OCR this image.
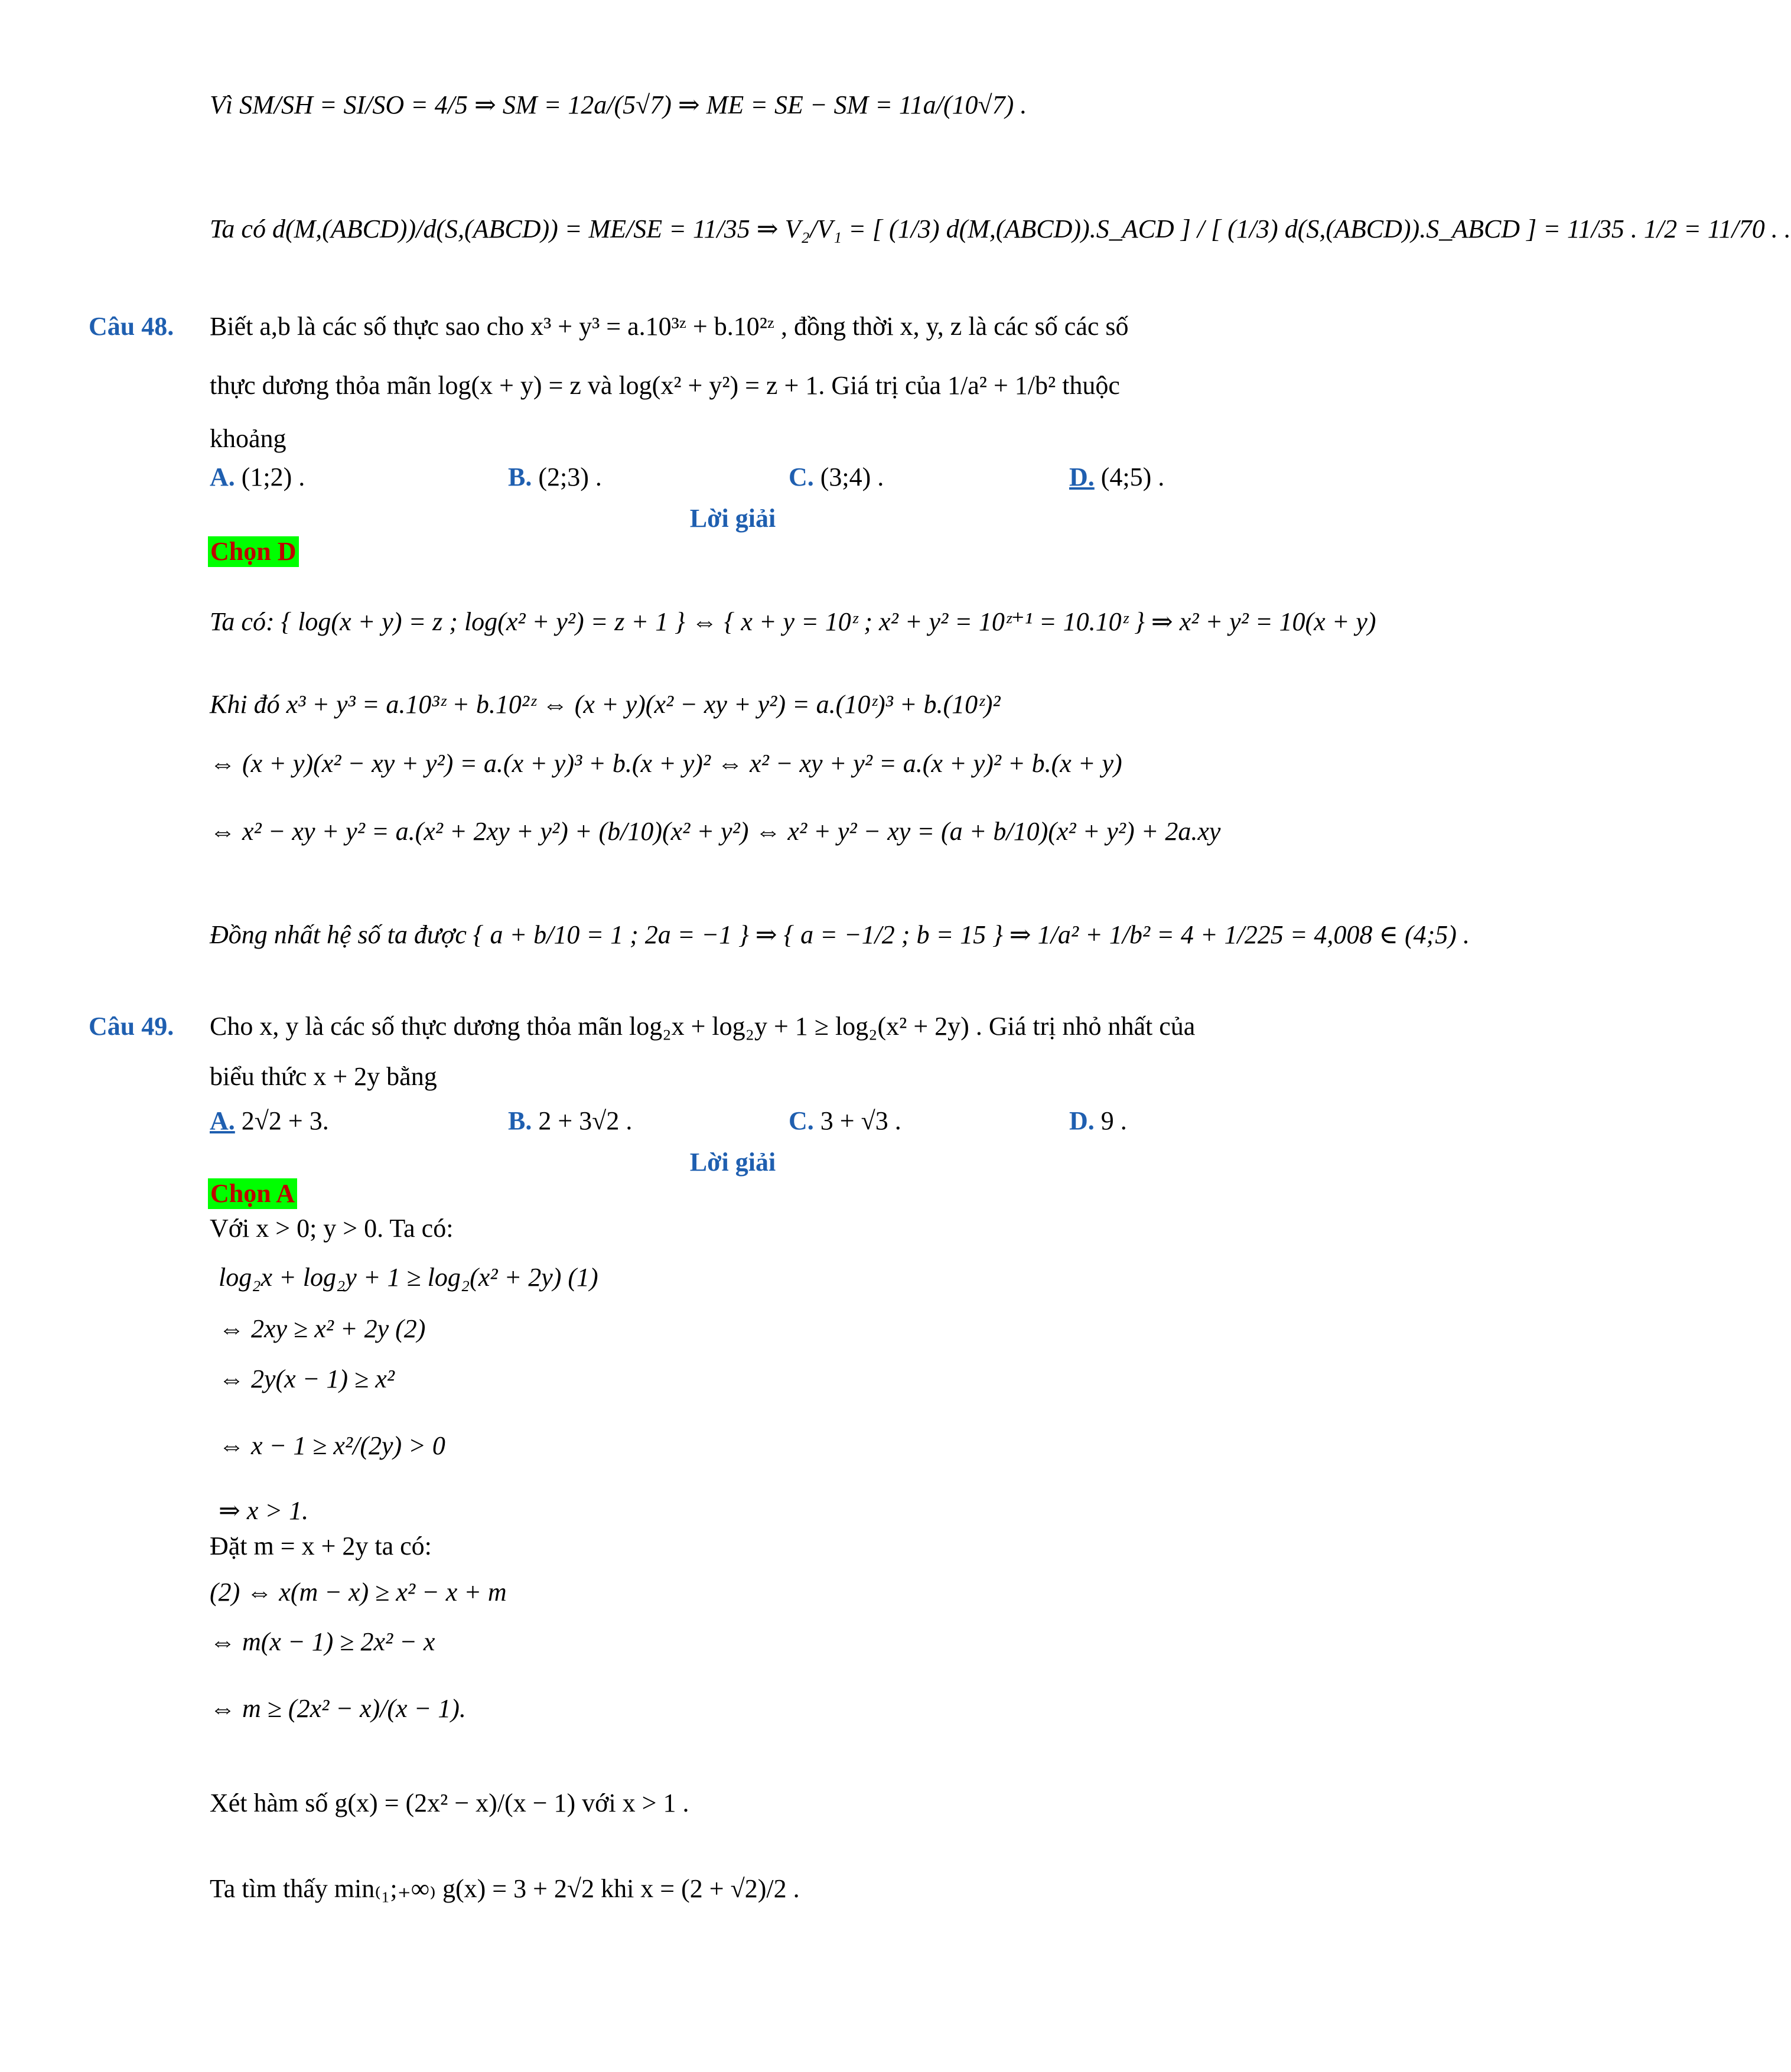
Vì SM/SH = SI/SO = 4/5 ⇒ SM = 12a/(5√7) ⇒ ME = SE − SM = 11a/(10√7) .
Ta có d(M,(ABCD))/d(S,(ABCD)) = ME/SE = 11/35 ⇒ V₂/V₁ = [ (1/3) d(M,(ABCD)).S_ACD ] / [ (1/3) d(S,(ABCD)).S_ABCD ] = 11/35 . 1/2 = 11/70 . .
Câu 48. Biết a,b là các số thực sao cho x³ + y³ = a.10³ᶻ + b.10²ᶻ , đồng thời x, y, z là các số các số
thực dương thỏa mãn log(x + y) = z và log(x² + y²) = z + 1. Giá trị của 1/a² + 1/b² thuộc
khoảng
A. (1;2) .	B. (2;3) .	C. (3;4) .	D. (4;5) .
Lời giải
Chọn D
Ta có: { log(x + y) = z ; log(x² + y²) = z + 1 } ⇔ { x + y = 10ᶻ ; x² + y² = 10ᶻ⁺¹ = 10.10ᶻ } ⇒ x² + y² = 10(x + y)
Khi đó x³ + y³ = a.10³ᶻ + b.10²ᶻ ⇔ (x + y)(x² − xy + y²) = a.(10ᶻ)³ + b.(10ᶻ)²
⇔ (x + y)(x² − xy + y²) = a.(x + y)³ + b.(x + y)² ⇔ x² − xy + y² = a.(x + y)² + b.(x + y)
⇔ x² − xy + y² = a.(x² + 2xy + y²) + (b/10)(x² + y²) ⇔ x² + y² − xy = (a + b/10)(x² + y²) + 2a.xy
Đồng nhất hệ số ta được { a + b/10 = 1 ; 2a = −1 } ⇒ { a = −1/2 ; b = 15 } ⇒ 1/a² + 1/b² = 4 + 1/225 = 4,008 ∈ (4;5) .
Câu 49. Cho x, y là các số thực dương thỏa mãn log₂x + log₂y + 1 ≥ log₂(x² + 2y) . Giá trị nhỏ nhất của
biểu thức x + 2y bằng
A. 2√2 + 3.	B. 2 + 3√2 .	C. 3 + √3 .	D. 9 .
Lời giải
Chọn A
Với x > 0; y > 0. Ta có:
log₂x + log₂y + 1 ≥ log₂(x² + 2y) (1)
⇔ 2xy ≥ x² + 2y (2)
⇔ 2y(x − 1) ≥ x²
⇔ x − 1 ≥ x²/(2y) > 0
⇒ x > 1.
Đặt m = x + 2y ta có:
(2) ⇔ x(m − x) ≥ x² − x + m
⇔ m(x − 1) ≥ 2x² − x
⇔ m ≥ (2x² − x)/(x − 1).
Xét hàm số g(x) = (2x² − x)/(x − 1) với x > 1 .
Ta tìm thấy min₍₁;₊∞₎ g(x) = 3 + 2√2 khi x = (2 + √2)/2 .
